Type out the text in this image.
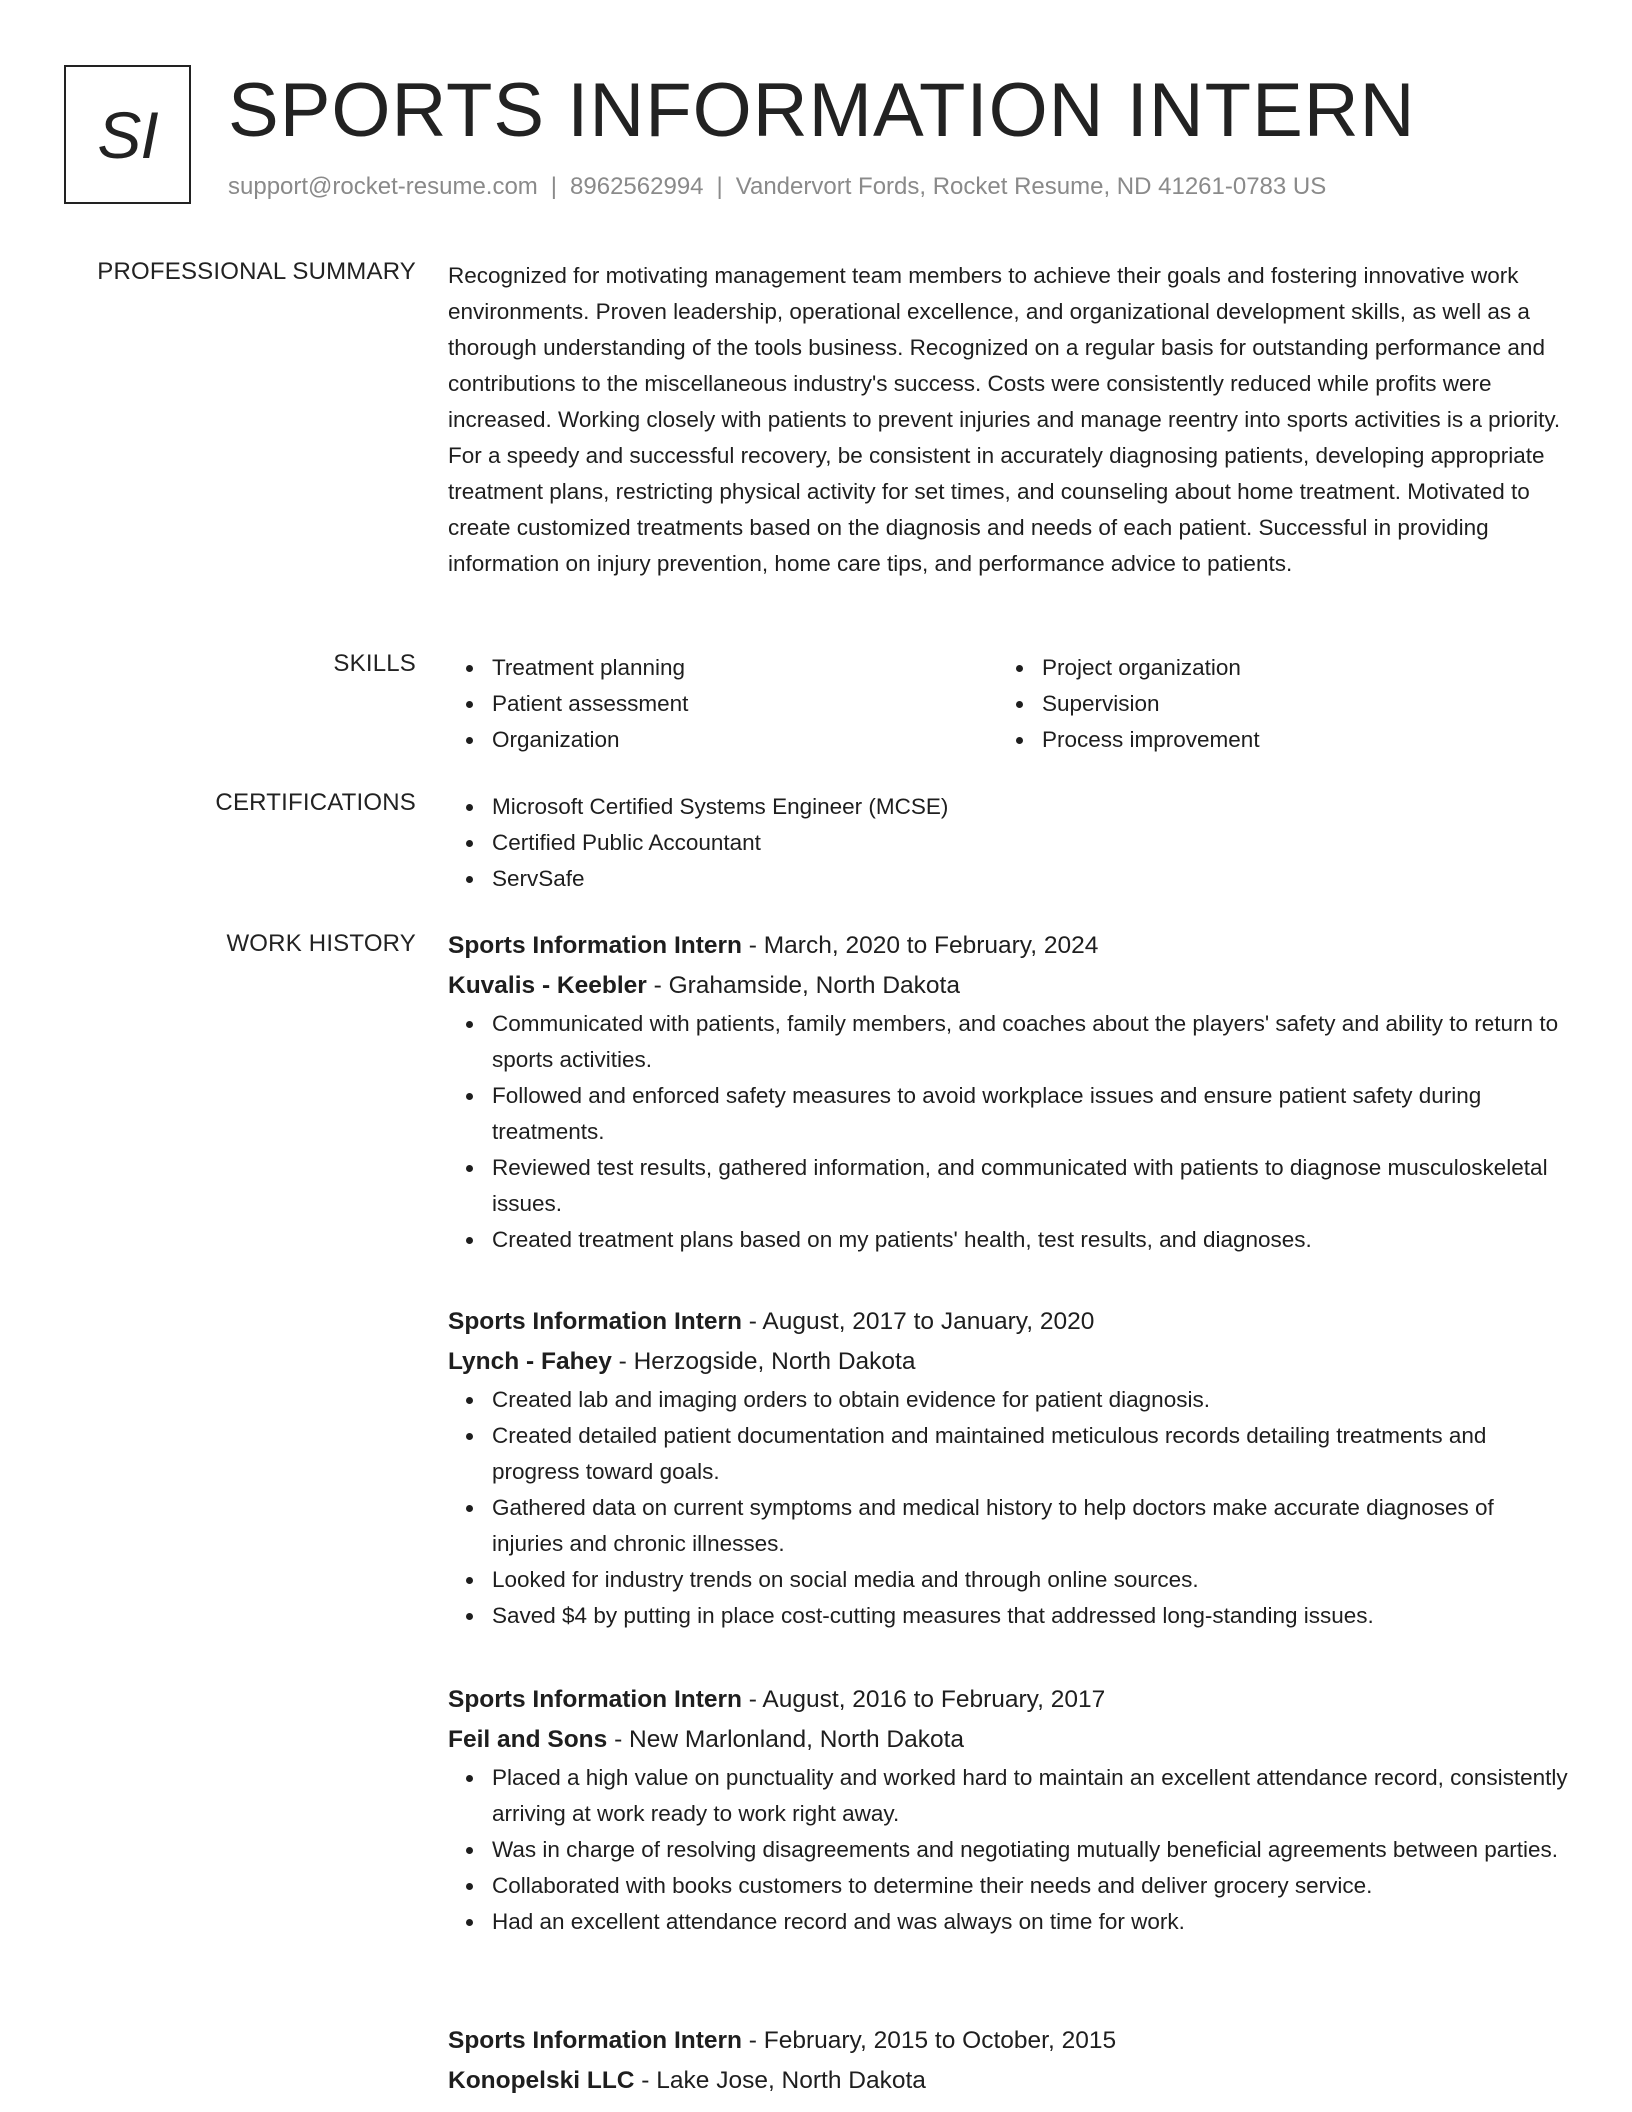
SI SPORTS INFORMATION INTERN
support@rocket-resume.com | 8962562994 | Vandervort Fords, Rocket Resume, ND 41261-0783 US
PROFESSIONAL SUMMARY Recognized for motivating management team members to achieve their goals and fostering innovative work environments. Proven leadership, operational excellence, and organizational development skills, as well as a thorough understanding of the tools business. Recognized on a regular basis for outstanding performance and contributions to the miscellaneous industry's success. Costs were consistently reduced while profits were increased. Working closely with patients to prevent injuries and manage reentry into sports activities is a priority. For a speedy and successful recovery, be consistent in accurately diagnosing patients, developing appropriate treatment plans, restricting physical activity for set times, and counseling about home treatment. Motivated to create customized treatments based on the diagnosis and needs of each patient. Successful in providing information on injury prevention, home care tips, and performance advice to patients.
SKILLS	Treatment planning
Patient assessment
Organization
Project organization
Supervision
Process improvement
CERTIFICATIONS	Microsoft Certified Systems Engineer (MCSE)
Certified Public Accountant
ServSafe
WORK HISTORY Sports Information Intern - March, 2020 to February, 2024
Kuvalis - Keebler - Grahamside, North Dakota
Communicated with patients, family members, and coaches about the players' safety and ability to return to sports activities.
Followed and enforced safety measures to avoid workplace issues and ensure patient safety during treatments.
Reviewed test results, gathered information, and communicated with patients to diagnose musculoskeletal issues.
Created treatment plans based on my patients' health, test results, and diagnoses.
Sports Information Intern - August, 2017 to January, 2020
Lynch - Fahey - Herzogside, North Dakota
Created lab and imaging orders to obtain evidence for patient diagnosis.
Created detailed patient documentation and maintained meticulous records detailing treatments and progress toward goals.
Gathered data on current symptoms and medical history to help doctors make accurate diagnoses of injuries and chronic illnesses.
Looked for industry trends on social media and through online sources.
Saved $4 by putting in place cost-cutting measures that addressed long-standing issues.
Sports Information Intern - August, 2016 to February, 2017
Feil and Sons - New Marlonland, North Dakota
Placed a high value on punctuality and worked hard to maintain an excellent attendance record, consistently arriving at work ready to work right away.
Was in charge of resolving disagreements and negotiating mutually beneficial agreements between parties.
Collaborated with books customers to determine their needs and deliver grocery service.
Had an excellent attendance record and was always on time for work.
Sports Information Intern - February, 2015 to October, 2015
Konopelski LLC - Lake Jose, North Dakota
